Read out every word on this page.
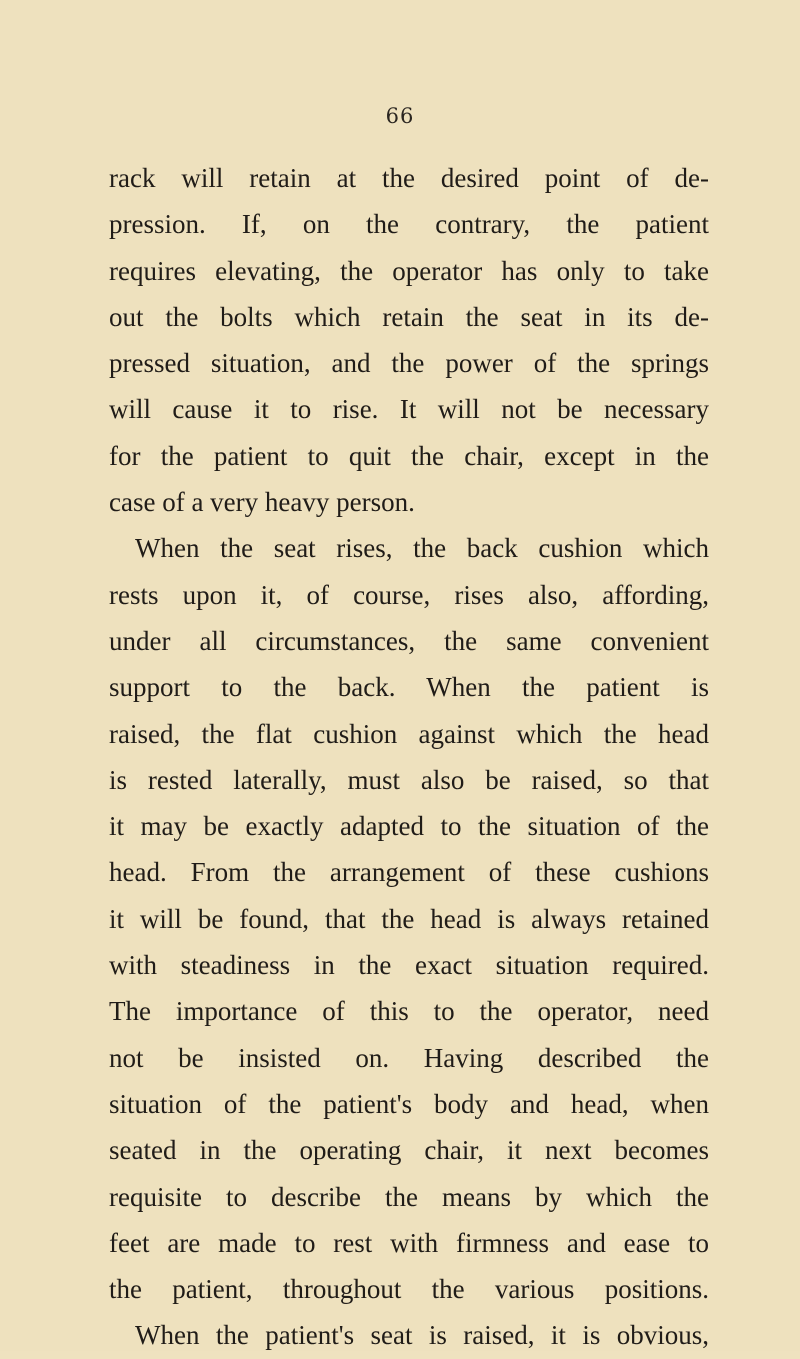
66
rack will retain at the desired point of de-
pression. If, on the contrary, the patient
requires elevating, the operator has only to take
out the bolts which retain the seat in its de-
pressed situation, and the power of the springs
will cause it to rise. It will not be necessary
for the patient to quit the chair, except in the
case of a very heavy person.
When the seat rises, the back cushion which
rests upon it, of course, rises also, affording,
under all circumstances, the same convenient
support to the back. When the patient is
raised, the flat cushion against which the head
is rested laterally, must also be raised, so that
it may be exactly adapted to the situation of the
head. From the arrangement of these cushions
it will be found, that the head is always retained
with steadiness in the exact situation required.
The importance of this to the operator, need
not be insisted on. Having described the
situation of the patient's body and head, when
seated in the operating chair, it next becomes
requisite to describe the means by which the
feet are made to rest with firmness and ease to
the patient, throughout the various positions.
When the patient's seat is raised, it is obvious,
